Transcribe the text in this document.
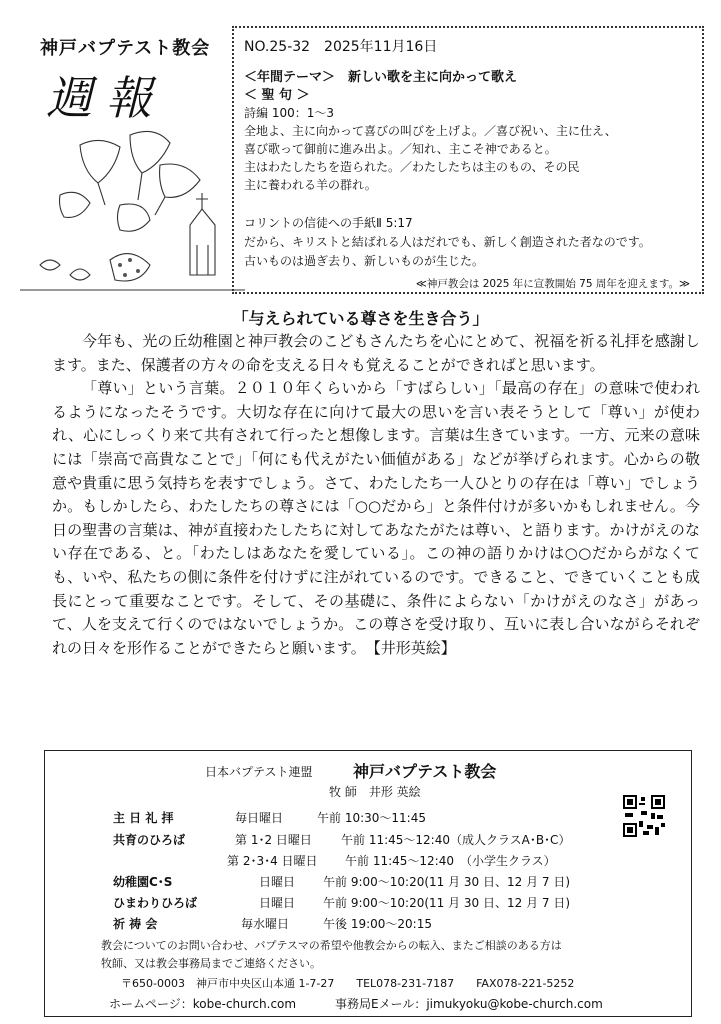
神戸バプテスト教会
週報
NO.25-32　2025年11月16日
＜年間テーマ＞　新しい歌を主に向かって歌え
＜ 聖 句 ＞
詩編 100：1～3
全地よ、主に向かって喜びの叫びを上げよ。／喜び祝い、主に仕え、
喜び歌って御前に進み出よ。／知れ、主こそ神であると。
主はわたしたちを造られた。／わたしたちは主のもの、その民
主に養われる羊の群れ。
コリントの信徒への手紙Ⅱ 5:17
だから、キリストと結ばれる人はだれでも、新しく創造された者なのです。
古いものは過ぎ去り、新しいものが生じた。
≪神戸教会は 2025 年に宣教開始 75 周年を迎えます。≫
「与えられている尊さを生き合う」

今年も、光の丘幼稚園と神戸教会のこどもさんたちを心にとめて、祝福を祈る礼拝を感謝します。また、保護者の方々の命を支える日々も覚えることができればと思います。

「尊い」という言葉。２０１０年くらいから「すばらしい」「最高の存在」の意味で使われるようになったそうです。大切な存在に向けて最大の思いを言い表そうとして「尊い」が使われ、心にしっくり来て共有されて行ったと想像します。言葉は生きています。一方、元来の意味には「崇高で高貴なことで」「何にも代えがたい価値がある」などが挙げられます。心からの敬意や貴重に思う気持ちを表すでしょう。さて、わたしたち一人ひとりの存在は「尊い」でしょうか。もしかしたら、わたしたちの尊さには「○○だから」と条件付けが多いかもしれません。今日の聖書の言葉は、神が直接わたしたちに対してあなたがたは尊い、と語ります。かけがえのない存在である、と。「わたしはあなたを愛している」。この神の語りかけは○○だからがなくても、いや、私たちの側に条件を付けずに注がれているのです。できること、できていくことも成長にとって重要なことです。そして、その基礎に、条件によらない「かけがえのなさ」があって、人を支えて行くのではないでしょうか。この尊さを受け取り、互いに表し合いながらそれぞれの日々を形作ることができたらと願います。　【井形英絵】

日本バプテスト連盟	神戸バプテスト教会
牧 師　井形 英絵
主 日 礼 拝	毎日曜日	午前 10:30～11:45
共育のひろば	第 1･2 日曜日 午前 11:45～12:40（成人クラスA･B･C）
第 2･3･4 日曜日 午前 11:45～12:40　（小学生クラス）
幼稚園C･S	日曜日 午前 9:00～10:20(11 月 30 日、12 月 7 日)
ひまわりひろば	日曜日 午前 9:00～10:20(11 月 30 日、12 月 7 日)
祈 祷 会	毎水曜日	午後 19:00～20:15
教会についてのお問い合わせ、バプテスマの希望や他教会からの転入、またご相談のある方は
牧師、又は教会事務局までご連絡ください。
〒650-0003　神戸市中央区山本通 1-7-27　　TEL078-231-7187　　FAX078-221-5252
ホームページ：kobe-church.com	事務局Eメール：jimukyoku@kobe-church.com
